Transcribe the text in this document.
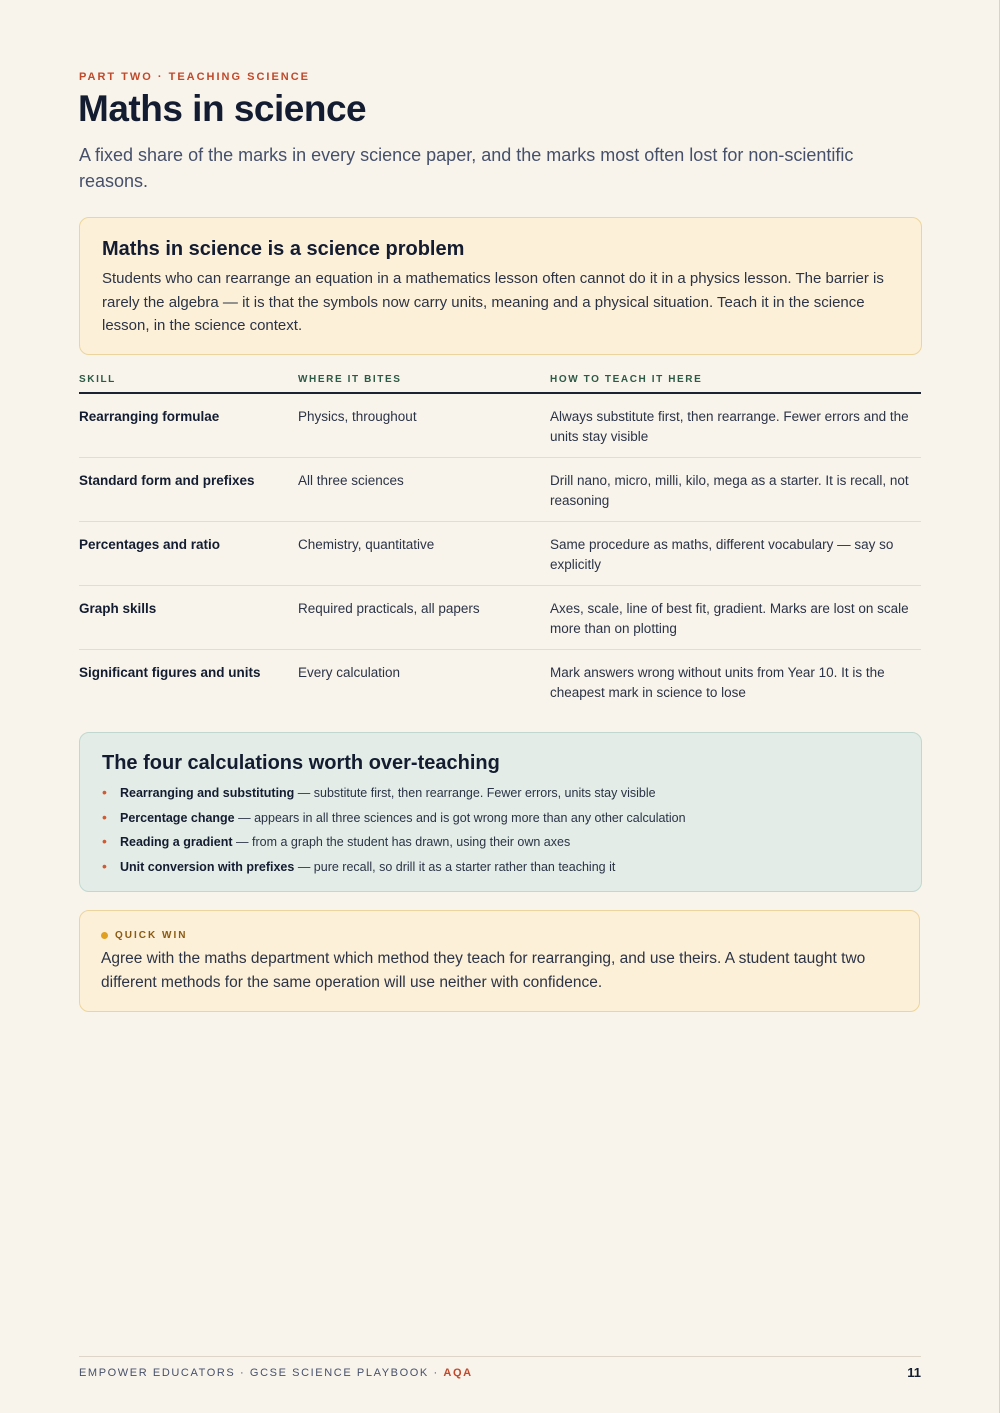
PART TWO · TEACHING SCIENCE
Maths in science

A fixed share of the marks in every science paper, and the marks most often lost for non-scientific reasons.

Maths in science is a science problem

Students who can rearrange an equation in a mathematics lesson often cannot do it in a physics lesson. The barrier is rarely the algebra — it is that the symbols now carry units, meaning and a physical situation. Teach it in the science lesson, in the science context.

SKILL	WHERE IT BITES	HOW TO TEACH IT HERE
Rearranging formulae	Physics, throughout	Always substitute first, then rearrange. Fewer errors and the units stay visible
Standard form and prefixes	All three sciences	Drill nano, micro, milli, kilo, mega as a starter. It is recall, not reasoning
Percentages and ratio	Chemistry, quantitative	Same procedure as maths, different vocabulary — say so explicitly
Graph skills	Required practicals, all papers	Axes, scale, line of best fit, gradient. Marks are lost on scale more than on plotting
Significant figures and units	Every calculation	Mark answers wrong without units from Year 10. It is the cheapest mark in science to lose
The four calculations worth over-teaching
• Rearranging and substituting — substitute first, then rearrange. Fewer errors, units stay visible
• Percentage change — appears in all three sciences and is got wrong more than any other calculation
• Reading a gradient — from a graph the student has drawn, using their own axes
• Unit conversion with prefixes — pure recall, so drill it as a starter rather than teaching it
QUICK WIN

Agree with the maths department which method they teach for rearranging, and use theirs. A student taught two different methods for the same operation will use neither with confidence.

EMPOWER EDUCATORS · GCSE SCIENCE PLAYBOOK · AQA	11
